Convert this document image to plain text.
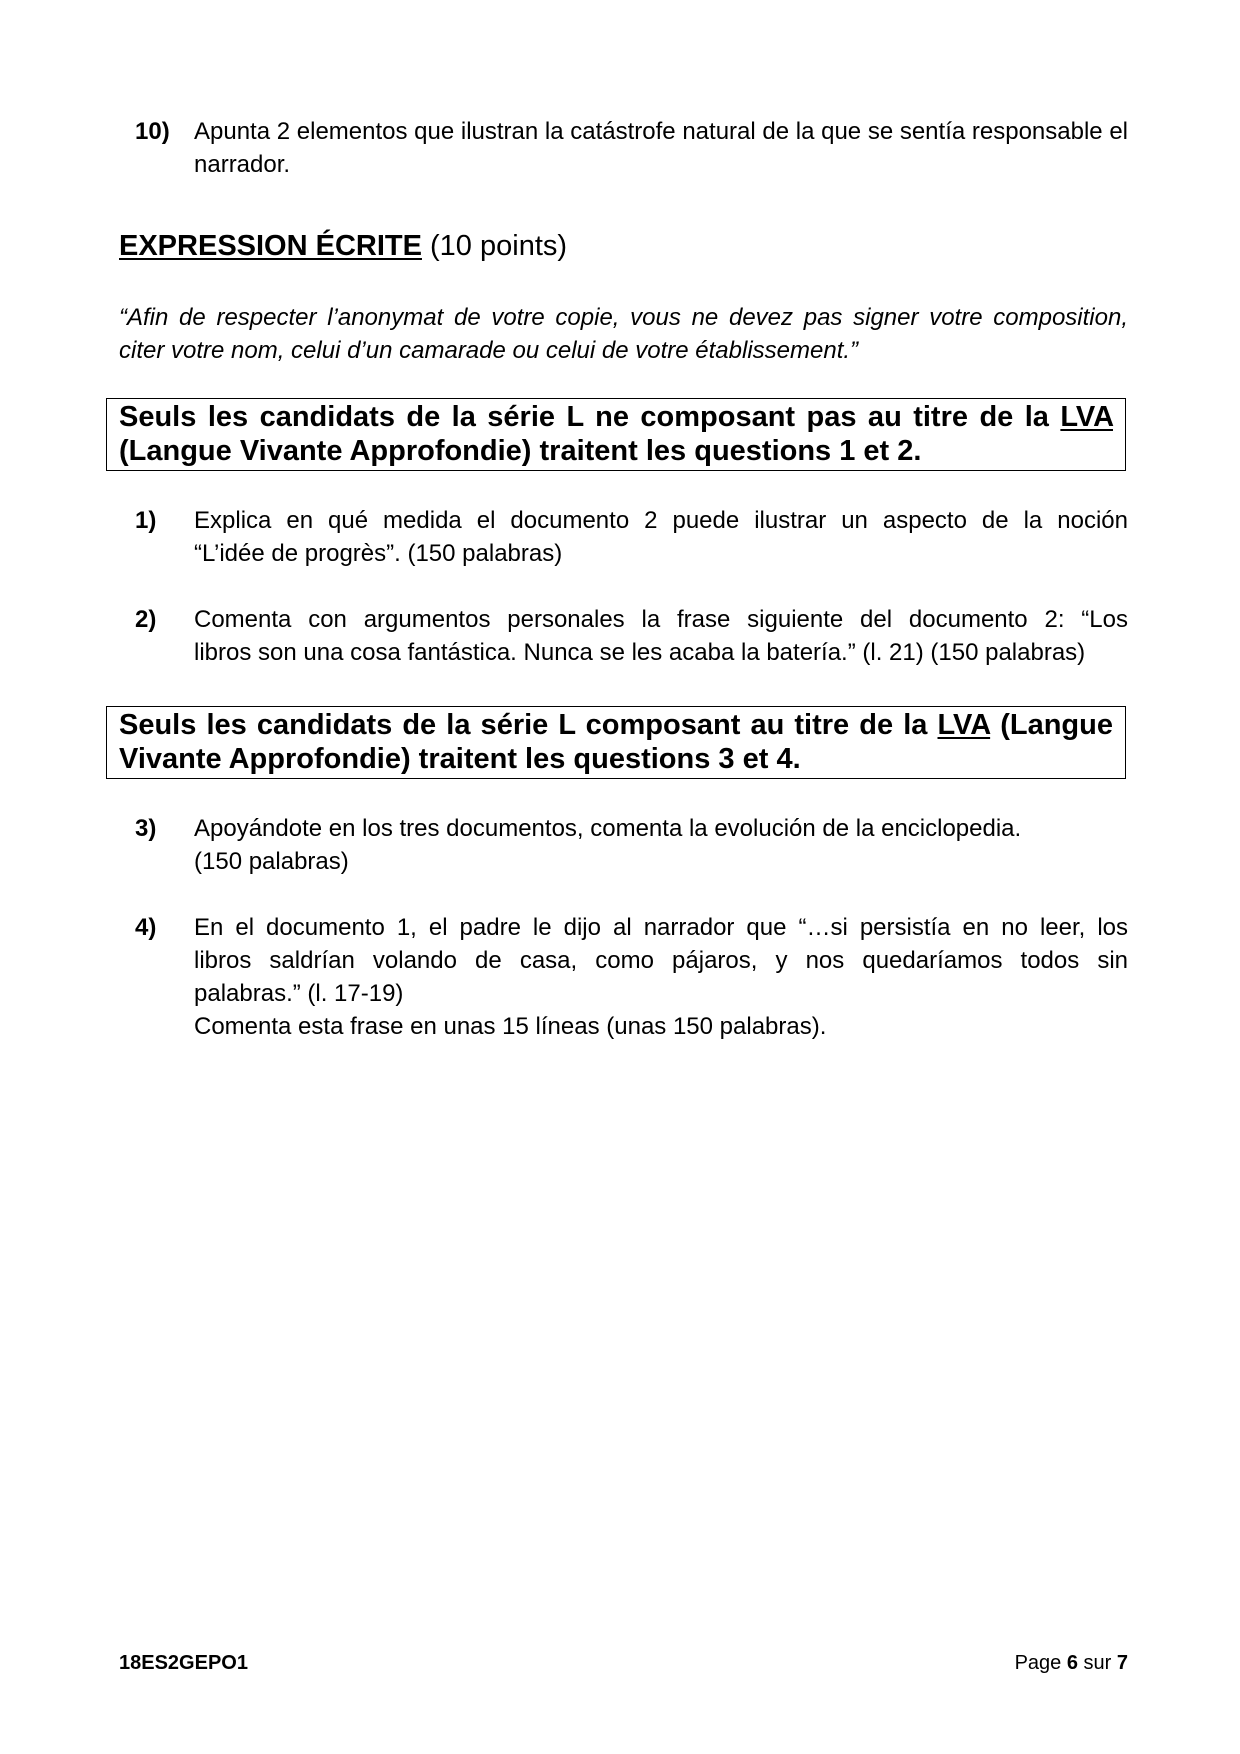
10) Apunta 2 elementos que ilustran la catástrofe natural de la que se sentía responsable el narrador.

EXPRESSION ÉCRITE (10 points)
“Afin de respecter l’anonymat de votre copie, vous ne devez pas signer votre composition,
citer votre nom, celui d’un camarade ou celui de votre établissement.”
Seuls les candidats de la série L ne composant pas au titre de la LVA (Langue Vivante Approfondie) traitent les questions 1 et 2.
1) Explica en qué medida el documento 2 puede ilustrar un aspecto de la noción

“L’idée de progrès”. (150 palabras)

2) Comenta con argumentos personales la frase siguiente del documento 2: “Los

libros son una cosa fantástica. Nunca se les acaba la batería.” (l. 21) (150 palabras)

Seuls les candidats de la série L composant au titre de la LVA (Langue Vivante Approfondie) traitent les questions 3 et 4.
3) Apoyándote en los tres documentos, comenta la evolución de la enciclopedia.

(150 palabras)

4) En el documento 1, el padre le dijo al narrador que “…si persistía en no leer, los

libros saldrían volando de casa, como pájaros, y nos quedaríamos todos sin

palabras.” (l. 17-19)

Comenta esta frase en unas 15 líneas (unas 150 palabras).

18ES2GEPO1	Page 6 sur 7
